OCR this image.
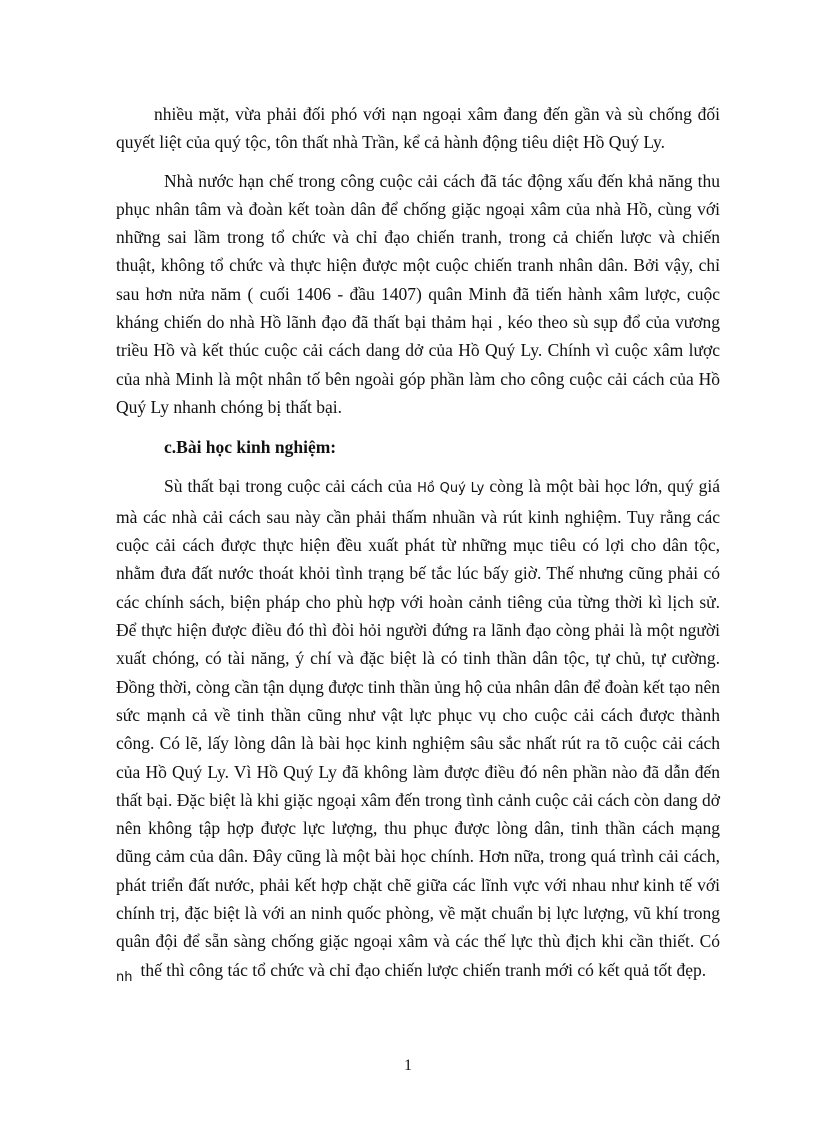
nhiều mặt, vừa phải đối phó với nạn ngoại xâm đang đến gần và sù chống đối quyết liệt của quý tộc, tôn thất nhà Trần, kể cả hành động tiêu diệt Hồ Quý Ly.

Nhà nước hạn chế trong công cuộc cải cách đã tác động xấu đến khả năng thu phục nhân tâm và đoàn kết toàn dân để chống giặc ngoại xâm của nhà Hồ, cùng với những sai lầm trong tổ chức và chỉ đạo chiến tranh, trong cả chiến lược và chiến thuật, không tổ chức và thực hiện được một cuộc chiến tranh nhân dân. Bởi vậy, chỉ sau hơn nửa năm ( cuối 1406 - đầu 1407) quân Minh đã tiến hành xâm lược, cuộc kháng chiến do nhà Hồ lãnh đạo đã thất bại thảm hại , kéo theo sù sụp đổ của vương triều Hồ và kết thúc cuộc cải cách dang dở của Hồ Quý Ly. Chính vì cuộc xâm lược của nhà Minh là một nhân tố bên ngoài góp phần làm cho công cuộc cải cách của Hồ Quý Ly nhanh chóng bị thất bại.

c.Bài học kinh nghiệm:

Sù thất bại trong cuộc cải cách của Hồ Quý Ly còng là một bài học lớn, quý giá mà các nhà cải cách sau này cần phải thấm nhuần và rút kinh nghiệm. Tuy rằng các cuộc cải cách được thực hiện đều xuất phát từ những mục tiêu có lợi cho dân tộc, nhằm đưa đất nước thoát khỏi tình trạng bế tắc lúc bấy giờ. Thế nhưng cũng phải có các chính sách, biện pháp cho phù hợp với hoàn cảnh tiêng của từng thời kì lịch sử. Để thực hiện được điều đó thì đòi hỏi người đứng ra lãnh đạo còng phải là một người xuất chóng, có tài năng, ý chí và đặc biệt là có tinh thần dân tộc, tự chủ, tự cường. Đồng thời, còng cần tận dụng được tinh thần ủng hộ của nhân dân để đoàn kết tạo nên sức mạnh cả về tinh thần cũng như vật lực phục vụ cho cuộc cải cách được thành công. Có lẽ, lấy lòng dân là bài học kinh nghiệm sâu sắc nhất rút ra tõ cuộc cải cách của Hồ Quý Ly. Vì Hồ Quý Ly đã không làm được điều đó nên phần nào đã dẫn đến thất bại. Đặc biệt là khi giặc ngoại xâm đến trong tình cảnh cuộc cải cách còn dang dở nên không tập hợp được lực lượng, thu phục được lòng dân, tinh thần cách mạng dũng cảm của dân. Đây cũng là một bài học chính. Hơn nữa, trong quá trình cải cách, phát triển đất nước, phải kết hợp chặt chẽ giữa các lĩnh vực với nhau như kinh tế với chính trị, đặc biệt là với an ninh quốc phòng, về mặt chuẩn bị lực lượng, vũ khí trong quân đội để sẵn sàng chống giặc ngoại xâm và các thế lực thù địch khi cần thiết. Có $_{nh}$ thế thì công tác tổ chức và chỉ đạo chiến lược chiến tranh mới có kết quả tốt đẹp.

1
